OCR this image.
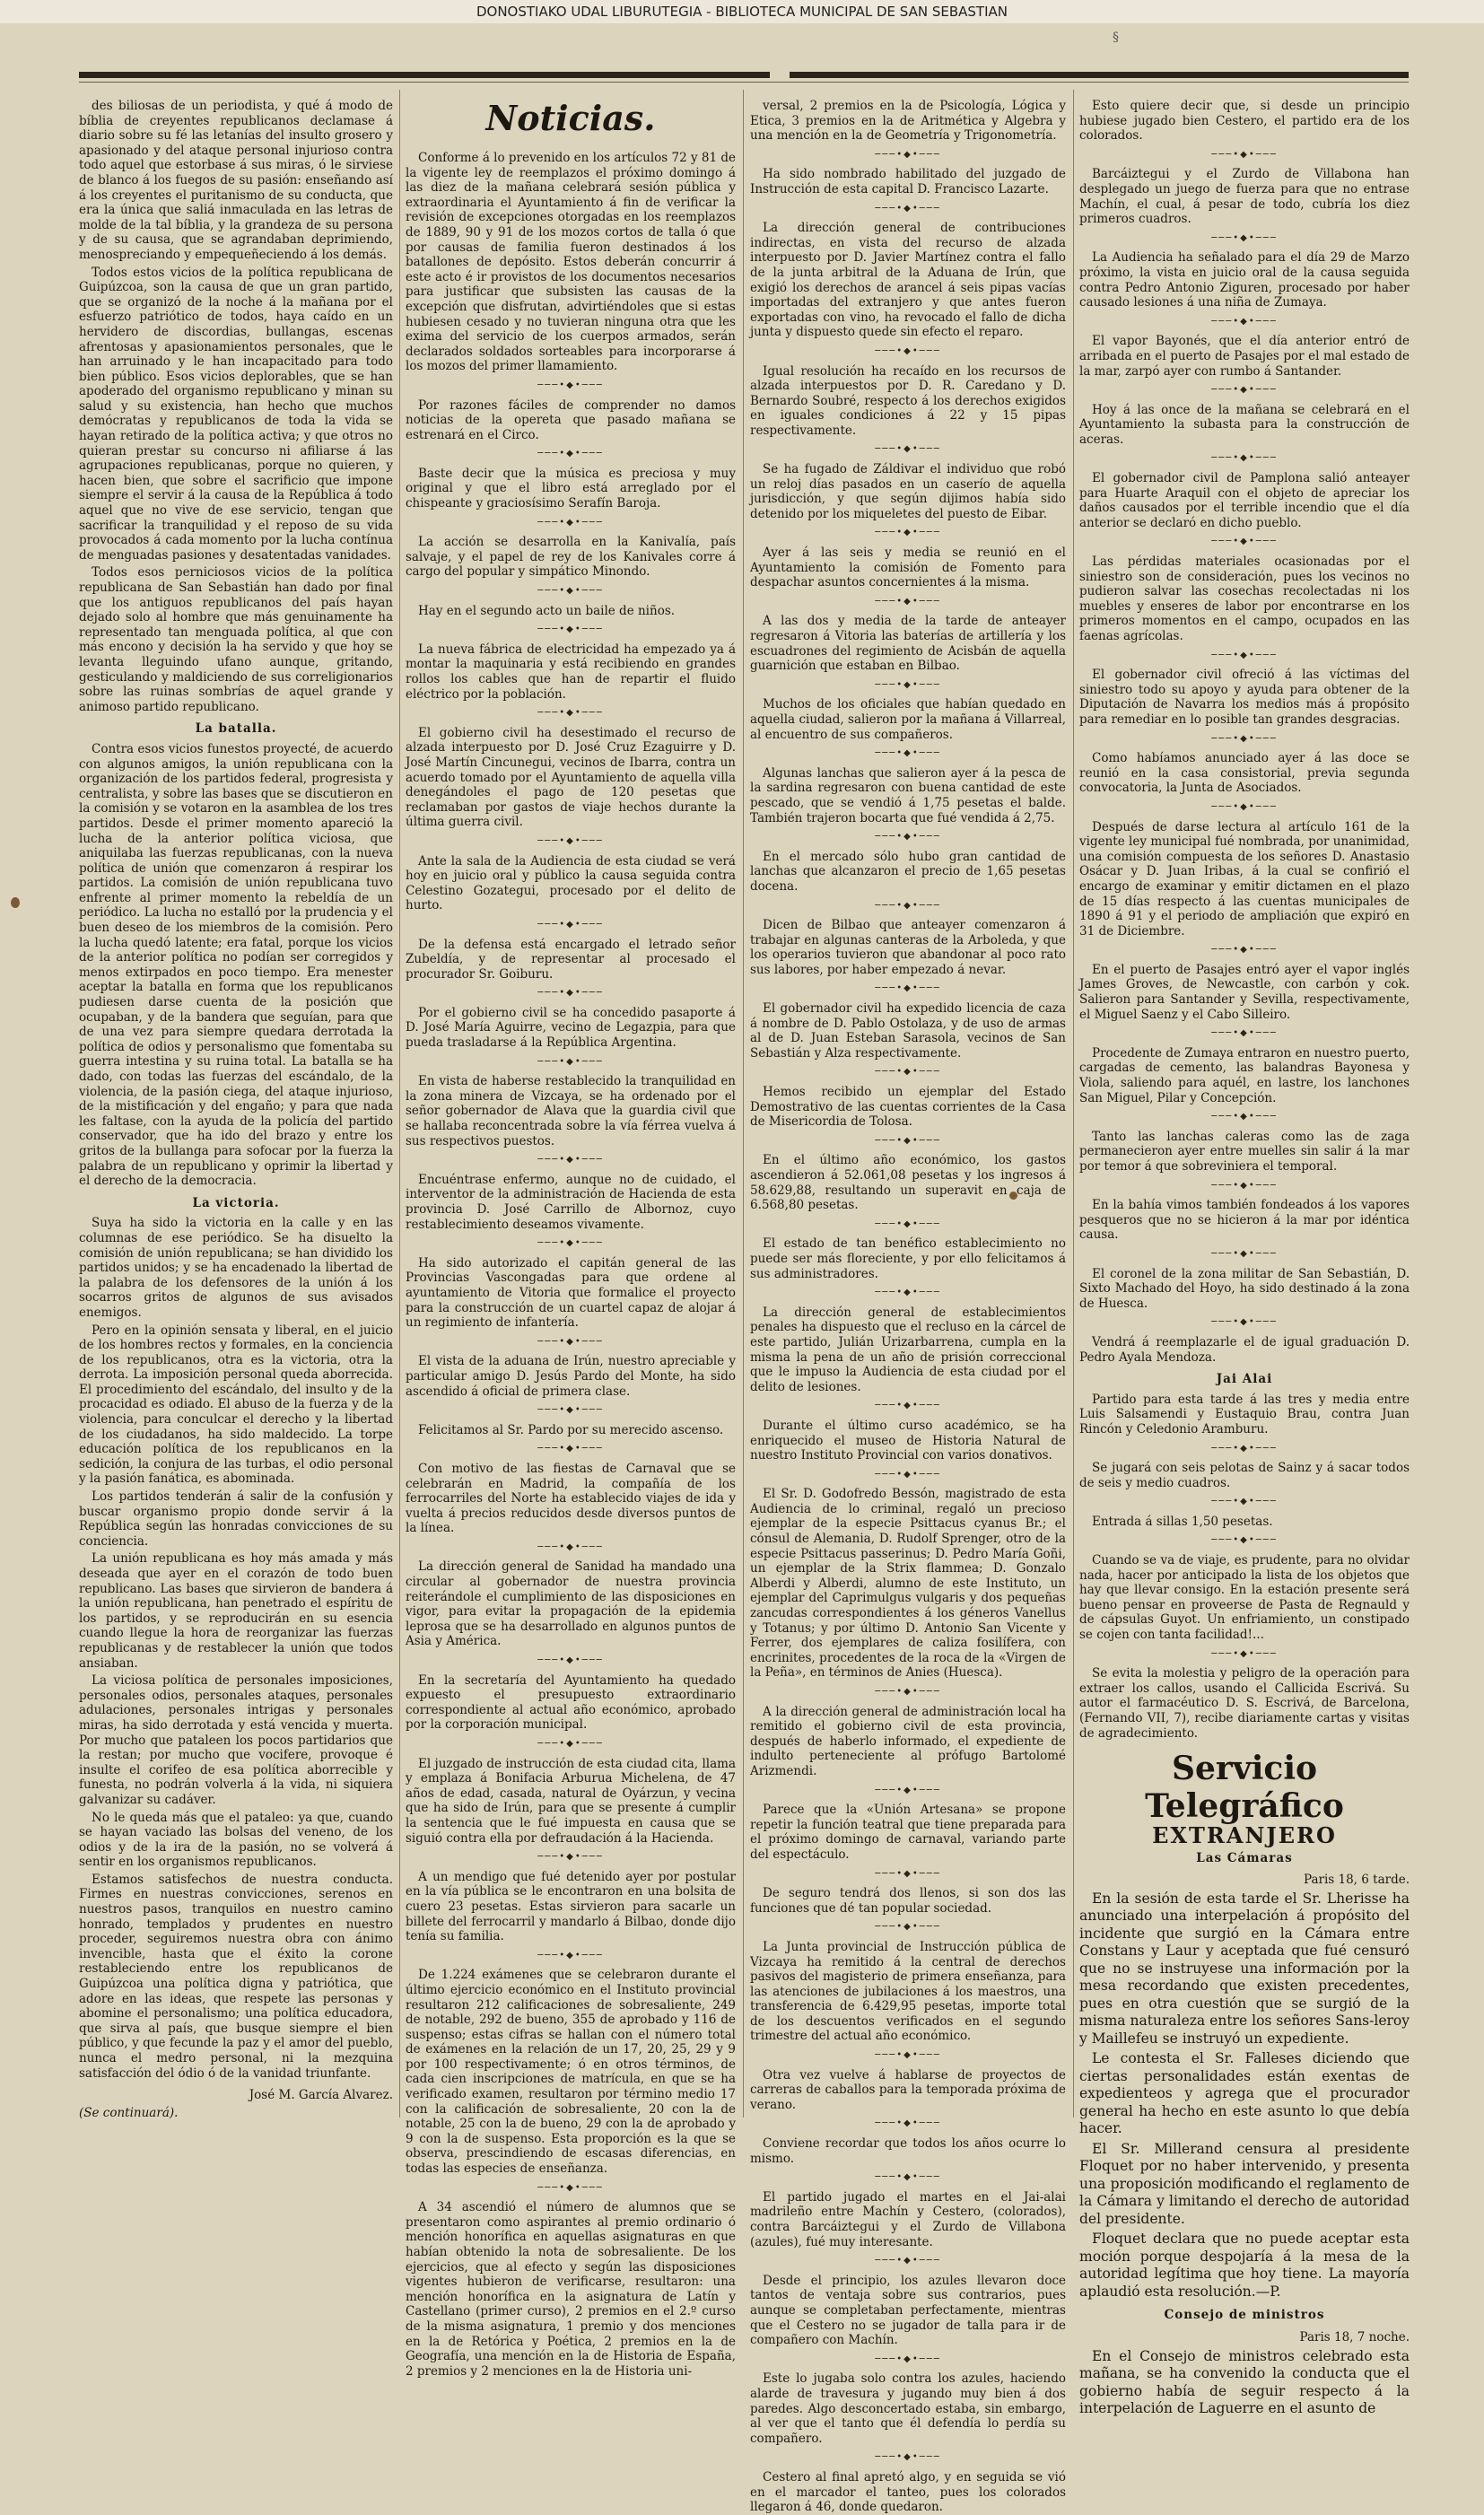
DONOSTIAKO UDAL LIBURUTEGIA - BIBLIOTECA MUNICIPAL DE SAN SEBASTIAN
§

des biliosas de un periodista, y qué á modo de bíblia de creyentes republicanos declamase á diario sobre su fé las letanías del insulto grosero y apasionado y del ataque personal injurioso contra todo aquel que estorbase á sus miras, ó le sirviese de blanco á los fuegos de su pasión: enseñando así á los creyentes el puritanismo de su conducta, que era la única que saliá inmaculada en las letras de molde de la tal bíblia, y la grandeza de su persona y de su causa, que se agrandaban deprimiendo, menospreciando y empequeñeciendo á los demás.

Todos estos vicios de la política republicana de Guipúzcoa, son la causa de que un gran partido, que se organizó de la noche á la mañana por el esfuerzo patriótico de todos, haya caído en un hervidero de discordias, bullangas, escenas afrentosas y apasionamientos personales, que le han arruinado y le han incapacitado para todo bien público. Esos vicios deplorables, que se han apoderado del organismo republicano y minan su salud y su existencia, han hecho que muchos demócratas y republicanos de toda la vida se hayan retirado de la política activa; y que otros no quieran prestar su concurso ni afiliarse á las agrupaciones republicanas, porque no quieren, y hacen bien, que sobre el sacrificio que impone siempre el servir á la causa de la República á todo aquel que no vive de ese servicio, tengan que sacrificar la tranquilidad y el reposo de su vida provocados á cada momento por la lucha contínua de menguadas pasiones y desatentadas vanidades.

Todos esos perniciosos vicios de la política republicana de San Sebastián han dado por final que los antiguos republicanos del país hayan dejado solo al hombre que más genuinamente ha representado tan menguada política, al que con más encono y decisión la ha servido y que hoy se levanta lleguindo ufano aunque, gritando, gesticulando y maldiciendo de sus correligionarios sobre las ruinas sombrías de aquel grande y animoso partido republicano.

La batalla.

Contra esos vicios funestos proyecté, de acuerdo con algunos amigos, la unión republicana con la organización de los partidos federal, progresista y centralista, y sobre las bases que se discutieron en la comisión y se votaron en la asamblea de los tres partidos. Desde el primer momento apareció la lucha de la anterior política viciosa, que aniquilaba las fuerzas republicanas, con la nueva política de unión que comenzaron á respirar los partidos. La comisión de unión republicana tuvo enfrente al primer momento la rebeldía de un periódico. La lucha no estalló por la prudencia y el buen deseo de los miembros de la comisión. Pero la lucha quedó latente; era fatal, porque los vicios de la anterior política no podían ser corregidos y menos extirpados en poco tiempo. Era menester aceptar la batalla en forma que los republicanos pudiesen darse cuenta de la posición que ocupaban, y de la bandera que seguían, para que de una vez para siempre quedara derrotada la política de odios y personalismo que fomentaba su guerra intestina y su ruina total. La batalla se ha dado, con todas las fuerzas del escándalo, de la violencia, de la pasión ciega, del ataque injurioso, de la mistificación y del engaño; y para que nada les faltase, con la ayuda de la policía del partido conservador, que ha ido del brazo y entre los gritos de la bullanga para sofocar por la fuerza la palabra de un republicano y oprimir la libertad y el derecho de la democracia.

La victoria.

Suya ha sido la victoria en la calle y en las columnas de ese periódico. Se ha disuelto la comisión de unión republicana; se han dividido los partidos unidos; y se ha encadenado la libertad de la palabra de los defensores de la unión á los socarros gritos de algunos de sus avisados enemigos.

Pero en la opinión sensata y liberal, en el juicio de los hombres rectos y formales, en la conciencia de los republicanos, otra es la victoria, otra la derrota. La imposición personal queda aborrecida. El procedimiento del escándalo, del insulto y de la procacidad es odiado. El abuso de la fuerza y de la violencia, para conculcar el derecho y la libertad de los ciudadanos, ha sido maldecido. La torpe educación política de los republicanos en la sedición, la conjura de las turbas, el odio personal y la pasión fanática, es abominada.

Los partidos tenderán á salir de la confusión y buscar organismo propio donde servir á la República según las honradas convicciones de su conciencia.

La unión republicana es hoy más amada y más deseada que ayer en el corazón de todo buen republicano. Las bases que sirvieron de bandera á la unión republicana, han penetrado el espíritu de los partidos, y se reproducirán en su esencia cuando llegue la hora de reorganizar las fuerzas republicanas y de restablecer la unión que todos ansiaban.

La viciosa política de personales imposiciones, personales odios, personales ataques, personales adulaciones, personales intrigas y personales miras, ha sido derrotada y está vencida y muerta. Por mucho que pataleen los pocos partidarios que la restan; por mucho que vocifere, provoque é insulte el corifeo de esa política aborrecible y funesta, no podrán volverla á la vida, ni siquiera galvanizar su cadáver.

No le queda más que el pataleo: ya que, cuando se hayan vaciado las bolsas del veneno, de los odios y de la ira de la pasión, no se volverá á sentir en los organismos republicanos.

Estamos satisfechos de nuestra conducta. Firmes en nuestras convicciones, serenos en nuestros pasos, tranquilos en nuestro camino honrado, templados y prudentes en nuestro proceder, seguiremos nuestra obra con ánimo invencible, hasta que el éxito la corone restableciendo entre los republicanos de Guipúzcoa una política digna y patriótica, que adore en las ideas, que respete las personas y abomine el personalismo; una política educadora, que sirva al país, que busque siempre el bien público, y que fecunde la paz y el amor del pueblo, nunca el medro personal, ni la mezquina satisfacción del ódio ó de la vanidad triunfante.

José M. García Alvarez.

(Se continuará).

Noticias.

Conforme á lo prevenido en los artículos 72 y 81 de la vigente ley de reemplazos el próximo domingo á las diez de la mañana celebrará sesión pública y extraordinaria el Ayuntamiento á fin de verificar la revisión de excepciones otorgadas en los reemplazos de 1889, 90 y 91 de los mozos cortos de talla ó que por causas de familia fueron destinados á los batallones de depósito. Estos deberán concurrir á este acto é ir provistos de los documentos necesarios para justificar que subsisten las causas de la excepción que disfrutan, advirtiéndoles que si estas hubiesen cesado y no tuvieran ninguna otra que les exima del servicio de los cuerpos armados, serán declarados soldados sorteables para incorporarse á los mozos del primer llamamiento.

───•◆•───

Por razones fáciles de comprender no damos noticias de la opereta que pasado mañana se estrenará en el Circo.

───•◆•───

Baste decir que la música es preciosa y muy original y que el libro está arreglado por el chispeante y graciosísimo Serafín Baroja.

───•◆•───

La acción se desarrolla en la Kanivalía, país salvaje, y el papel de rey de los Kanivales corre á cargo del popular y simpático Minondo.

───•◆•───

Hay en el segundo acto un baile de niños.

───•◆•───

La nueva fábrica de electricidad ha empezado ya á montar la maquinaria y está recibiendo en grandes rollos los cables que han de repartir el fluido eléctrico por la población.

───•◆•───

El gobierno civil ha desestimado el recurso de alzada interpuesto por D. José Cruz Ezaguirre y D. José Martín Cincunegui, vecinos de Ibarra, contra un acuerdo tomado por el Ayuntamiento de aquella villa denegándoles el pago de 120 pesetas que reclamaban por gastos de viaje hechos durante la última guerra civil.

───•◆•───

Ante la sala de la Audiencia de esta ciudad se verá hoy en juicio oral y público la causa seguida contra Celestino Gozategui, procesado por el delito de hurto.

───•◆•───

De la defensa está encargado el letrado señor Zubeldía, y de representar al procesado el procurador Sr. Goiburu.

───•◆•───

Por el gobierno civil se ha concedido pasaporte á D. José María Aguirre, vecino de Legazpia, para que pueda trasladarse á la República Argentina.

───•◆•───

En vista de haberse restablecido la tranquilidad en la zona minera de Vizcaya, se ha ordenado por el señor gobernador de Alava que la guardia civil que se hallaba reconcentrada sobre la vía férrea vuelva á sus respectivos puestos.

───•◆•───

Encuéntrase enfermo, aunque no de cuidado, el interventor de la administración de Hacienda de esta provincia D. José Carrillo de Albornoz, cuyo restablecimiento deseamos vivamente.

───•◆•───

Ha sido autorizado el capitán general de las Provincias Vascongadas para que ordene al ayuntamiento de Vitoria que formalice el proyecto para la construcción de un cuartel capaz de alojar á un regimiento de infantería.

───•◆•───

El vista de la aduana de Irún, nuestro apreciable y particular amigo D. Jesús Pardo del Monte, ha sido ascendido á oficial de primera clase.

───•◆•───

Felicitamos al Sr. Pardo por su merecido ascenso.

───•◆•───

Con motivo de las fiestas de Carnaval que se celebrarán en Madrid, la compañía de los ferrocarriles del Norte ha establecido viajes de ida y vuelta á precios reducidos desde diversos puntos de la línea.

───•◆•───

La dirección general de Sanidad ha mandado una circular al gobernador de nuestra provincia reiterándole el cumplimiento de las disposiciones en vigor, para evitar la propagación de la epidemia leprosa que se ha desarrollado en algunos puntos de Asia y América.

───•◆•───

En la secretaría del Ayuntamiento ha quedado expuesto el presupuesto extraordinario correspondiente al actual año económico, aprobado por la corporación municipal.

───•◆•───

El juzgado de instrucción de esta ciudad cita, llama y emplaza á Bonifacia Arburua Michelena, de 47 años de edad, casada, natural de Oyárzun, y vecina que ha sido de Irún, para que se presente á cumplir la sentencia que le fué impuesta en causa que se siguió contra ella por defraudación á la Hacienda.

───•◆•───

A un mendigo que fué detenido ayer por postular en la vía pública se le encontraron en una bolsita de cuero 23 pesetas. Estas sirvieron para sacarle un billete del ferrocarril y mandarlo á Bilbao, donde dijo tenía su familia.

───•◆•───

De 1.224 exámenes que se celebraron durante el último ejercicio económico en el Instituto provincial resultaron 212 calificaciones de sobresaliente, 249 de notable, 292 de bueno, 355 de aprobado y 116 de suspenso; estas cifras se hallan con el número total de exámenes en la relación de un 17, 20, 25, 29 y 9 por 100 respectivamente; ó en otros términos, de cada cien inscripciones de matrícula, en que se ha verificado examen, resultaron por término medio 17 con la calificación de sobresaliente, 20 con la de notable, 25 con la de bueno, 29 con la de aprobado y 9 con la de suspenso. Esta proporción es la que se observa, prescindiendo de escasas diferencias, en todas las especies de enseñanza.

───•◆•───

A 34 ascendió el número de alumnos que se presentaron como aspirantes al premio ordinario ó mención honorífica en aquellas asignaturas en que habían obtenido la nota de sobresaliente. De los ejercicios, que al efecto y según las disposiciones vigentes hubieron de verificarse, resultaron: una mención honorífica en la asignatura de Latín y Castellano (primer curso), 2 premios en el 2.º curso de la misma asignatura, 1 premio y dos menciones en la de Retórica y Poética, 2 premios en la de Geografía, una mención en la de Historia de España, 2 premios y 2 menciones en la de Historia uni-

versal, 2 premios en la de Psicología, Lógica y Etica, 3 premios en la de Aritmética y Algebra y una mención en la de Geometría y Trigonometría.

───•◆•───

Ha sido nombrado habilitado del juzgado de Instrucción de esta capital D. Francisco Lazarte.

───•◆•───

La dirección general de contribuciones indirectas, en vista del recurso de alzada interpuesto por D. Javier Martínez contra el fallo de la junta arbitral de la Aduana de Irún, que exigió los derechos de arancel á seis pipas vacías importadas del extranjero y que antes fueron exportadas con vino, ha revocado el fallo de dicha junta y dispuesto quede sin efecto el reparo.

───•◆•───

Igual resolución ha recaído en los recursos de alzada interpuestos por D. R. Caredano y D. Bernardo Soubré, respecto á los derechos exigidos en iguales condiciones á 22 y 15 pipas respectivamente.

───•◆•───

Se ha fugado de Záldivar el individuo que robó un reloj días pasados en un caserío de aquella jurisdicción, y que según dijimos había sido detenido por los miqueletes del puesto de Eibar.

───•◆•───

Ayer á las seis y media se reunió en el Ayuntamiento la comisión de Fomento para despachar asuntos concernientes á la misma.

───•◆•───

A las dos y media de la tarde de anteayer regresaron á Vitoria las baterías de artillería y los escuadrones del regimiento de Acisbán de aquella guarnición que estaban en Bilbao.

───•◆•───

Muchos de los oficiales que habían quedado en aquella ciudad, salieron por la mañana á Villarreal, al encuentro de sus compañeros.

───•◆•───

Algunas lanchas que salieron ayer á la pesca de la sardina regresaron con buena cantidad de este pescado, que se vendió á 1,75 pesetas el balde. También trajeron bocarta que fué vendida á 2,75.

───•◆•───

En el mercado sólo hubo gran cantidad de lanchas que alcanzaron el precio de 1,65 pesetas docena.

───•◆•───

Dicen de Bilbao que anteayer comenzaron á trabajar en algunas canteras de la Arboleda, y que los operarios tuvieron que abandonar al poco rato sus labores, por haber empezado á nevar.

───•◆•───

El gobernador civil ha expedido licencia de caza á nombre de D. Pablo Ostolaza, y de uso de armas al de D. Juan Esteban Sarasola, vecinos de San Sebastián y Alza respectivamente.

───•◆•───

Hemos recibido un ejemplar del Estado Demostrativo de las cuentas corrientes de la Casa de Misericordia de Tolosa.

───•◆•───

En el último año económico, los gastos ascendieron á 52.061,08 pesetas y los ingresos á 58.629,88, resultando un superavit en caja de 6.568,80 pesetas.

───•◆•───

El estado de tan benéfico establecimiento no puede ser más floreciente, y por ello felicitamos á sus administradores.

───•◆•───

La dirección general de establecimientos penales ha dispuesto que el recluso en la cárcel de este partido, Julián Urizarbarrena, cumpla en la misma la pena de un año de prisión correccional que le impuso la Audiencia de esta ciudad por el delito de lesiones.

───•◆•───

Durante el último curso académico, se ha enriquecido el museo de Historia Natural de nuestro Instituto Provincial con varios donativos.

───•◆•───

El Sr. D. Godofredo Bessón, magistrado de esta Audiencia de lo criminal, regaló un precioso ejemplar de la especie Psittacus cyanus Br.; el cónsul de Alemania, D. Rudolf Sprenger, otro de la especie Psittacus passerinus; D. Pedro María Goñi, un ejemplar de la Strix flammea; D. Gonzalo Alberdi y Alberdi, alumno de este Instituto, un ejemplar del Caprimulgus vulgaris y dos pequeñas zancudas correspondientes á los géneros Vanellus y Totanus; y por último D. Antonio San Vicente y Ferrer, dos ejemplares de caliza fosilífera, con encrinites, procedentes de la roca de la «Virgen de la Peña», en términos de Anies (Huesca).

───•◆•───

A la dirección general de administración local ha remitido el gobierno civil de esta provincia, después de haberlo informado, el expediente de indulto perteneciente al prófugo Bartolomé Arizmendi.

───•◆•───

Parece que la «Unión Artesana» se propone repetir la función teatral que tiene preparada para el próximo domingo de carnaval, variando parte del espectáculo.

───•◆•───

De seguro tendrá dos llenos, si son dos las funciones que dé tan popular sociedad.

───•◆•───

La Junta provincial de Instrucción pública de Vizcaya ha remitido á la central de derechos pasivos del magisterio de primera enseñanza, para las atenciones de jubilaciones á los maestros, una transferencia de 6.429,95 pesetas, importe total de los descuentos verificados en el segundo trimestre del actual año económico.

───•◆•───

Otra vez vuelve á hablarse de proyectos de carreras de caballos para la temporada próxima de verano.

───•◆•───

Conviene recordar que todos los años ocurre lo mismo.

───•◆•───

El partido jugado el martes en el Jai-alai madrileño entre Machín y Cestero, (colorados), contra Barcáiztegui y el Zurdo de Villabona (azules), fué muy interesante.

───•◆•───

Desde el principio, los azules llevaron doce tantos de ventaja sobre sus contrarios, pues aunque se completaban perfectamente, mientras que el Cestero no se jugador de talla para ir de compañero con Machín.

───•◆•───

Este lo jugaba solo contra los azules, haciendo alarde de travesura y jugando muy bien á dos paredes. Algo desconcertado estaba, sin embargo, al ver que el tanto que él defendía lo perdía su compañero.

───•◆•───

Cestero al final apretó algo, y en seguida se vió en el marcador el tanteo, pues los colorados llegaron á 46, donde quedaron.

Esto quiere decir que, si desde un principio hubiese jugado bien Cestero, el partido era de los colorados.

───•◆•───

Barcáiztegui y el Zurdo de Villabona han desplegado un juego de fuerza para que no entrase Machín, el cual, á pesar de todo, cubría los diez primeros cuadros.

───•◆•───

La Audiencia ha señalado para el día 29 de Marzo próximo, la vista en juicio oral de la causa seguida contra Pedro Antonio Ziguren, procesado por haber causado lesiones á una niña de Zumaya.

───•◆•───

El vapor Bayonés, que el día anterior entró de arribada en el puerto de Pasajes por el mal estado de la mar, zarpó ayer con rumbo á Santander.

───•◆•───

Hoy á las once de la mañana se celebrará en el Ayuntamiento la subasta para la construcción de aceras.

───•◆•───

El gobernador civil de Pamplona salió anteayer para Huarte Araquil con el objeto de apreciar los daños causados por el terrible incendio que el día anterior se declaró en dicho pueblo.

───•◆•───

Las pérdidas materiales ocasionadas por el siniestro son de consideración, pues los vecinos no pudieron salvar las cosechas recolectadas ni los muebles y enseres de labor por encontrarse en los primeros momentos en el campo, ocupados en las faenas agrícolas.

───•◆•───

El gobernador civil ofreció á las víctimas del siniestro todo su apoyo y ayuda para obtener de la Diputación de Navarra los medios más á propósito para remediar en lo posible tan grandes desgracias.

───•◆•───

Como habíamos anunciado ayer á las doce se reunió en la casa consistorial, previa segunda convocatoria, la Junta de Asociados.

───•◆•───

Después de darse lectura al artículo 161 de la vigente ley municipal fué nombrada, por unanimidad, una comisión compuesta de los señores D. Anastasio Osácar y D. Juan Iribas, á la cual se confirió el encargo de examinar y emitir dictamen en el plazo de 15 días respecto á las cuentas municipales de 1890 á 91 y el periodo de ampliación que expiró en 31 de Diciembre.

───•◆•───

En el puerto de Pasajes entró ayer el vapor inglés James Groves, de Newcastle, con carbón y cok. Salieron para Santander y Sevilla, respectivamente, el Miguel Saenz y el Cabo Silleiro.

───•◆•───

Procedente de Zumaya entraron en nuestro puerto, cargadas de cemento, las balandras Bayonesa y Viola, saliendo para aquél, en lastre, los lanchones San Miguel, Pilar y Concepción.

───•◆•───

Tanto las lanchas caleras como las de zaga permanecieron ayer entre muelles sin salir á la mar por temor á que sobreviniera el temporal.

───•◆•───

En la bahía vimos también fondeados á los vapores pesqueros que no se hicieron á la mar por idéntica causa.

───•◆•───

El coronel de la zona militar de San Sebastián, D. Sixto Machado del Hoyo, ha sido destinado á la zona de Huesca.

───•◆•───

Vendrá á reemplazarle el de igual graduación D. Pedro Ayala Mendoza.

Jai Alai

Partido para esta tarde á las tres y media entre Luis Salsamendi y Eustaquio Brau, contra Juan Rincón y Celedonio Aramburu.

───•◆•───

Se jugará con seis pelotas de Sainz y á sacar todos de seis y medio cuadros.

───•◆•───

Entrada á sillas 1,50 pesetas.

───•◆•───

Cuando se va de viaje, es prudente, para no olvidar nada, hacer por anticipado la lista de los objetos que hay que llevar consigo. En la estación presente será bueno pensar en proveerse de Pasta de Regnauld y de cápsulas Guyot. Un enfriamiento, un constipado se cojen con tanta facilidad!...

───•◆•───

Se evita la molestia y peligro de la operación para extraer los callos, usando el Callicida Escrivá. Su autor el farmacéutico D. S. Escrivá, de Barcelona, (Fernando VII, 7), recibe diariamente cartas y visitas de agradecimiento.

Servicio Telegráfico
EXTRANJERO

Las Cámaras

Paris 18, 6 tarde.

En la sesión de esta tarde el Sr. Lherisse ha anunciado una interpelación á propósito del incidente que surgió en la Cámara entre Constans y Laur y aceptada que fué censuró que no se instruyese una información por la mesa recordando que existen precedentes, pues en otra cuestión que se surgió de la misma naturaleza entre los señores Sans-leroy y Maillefeu se instruyó un expediente.

Le contesta el Sr. Falleses diciendo que ciertas personalidades están exentas de expedienteos y agrega que el procurador general ha hecho en este asunto lo que debía hacer.

El Sr. Millerand censura al presidente Floquet por no haber intervenido, y presenta una proposición modificando el reglamento de la Cámara y limitando el derecho de autoridad del presidente.

Floquet declara que no puede aceptar esta moción porque despojaría á la mesa de la autoridad legítima que hoy tiene. La mayoría aplaudió esta resolución.—P.

Consejo de ministros

Paris 18, 7 noche.

En el Consejo de ministros celebrado esta mañana, se ha convenido la conducta que el gobierno había de seguir respecto á la interpelación de Laguerre en el asunto de
